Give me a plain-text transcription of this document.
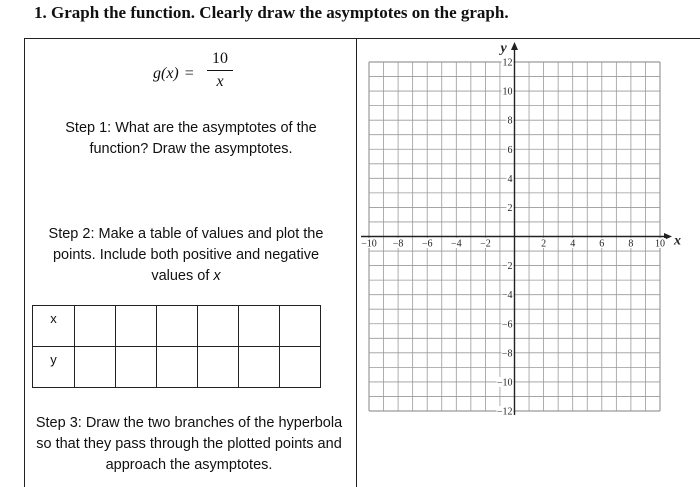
1. Graph the function. Clearly draw the asymptotes on the graph.
$g(x) = \frac{10}{x}$
Step 1: What are the asymptotes of the function? Draw the asymptotes.
Step 2: Make a table of values and plot the points. Include both positive and negative values of x
x						
y						
Step 3: Draw the two branches of the hyperbola so that they pass through the plotted points and approach the asymptotes.
x
y
−10 −8 −6 −4 −2	2 4 6 8 10
12
10
8
6
4
2
−2
−4
−6
−8
−10
−12
